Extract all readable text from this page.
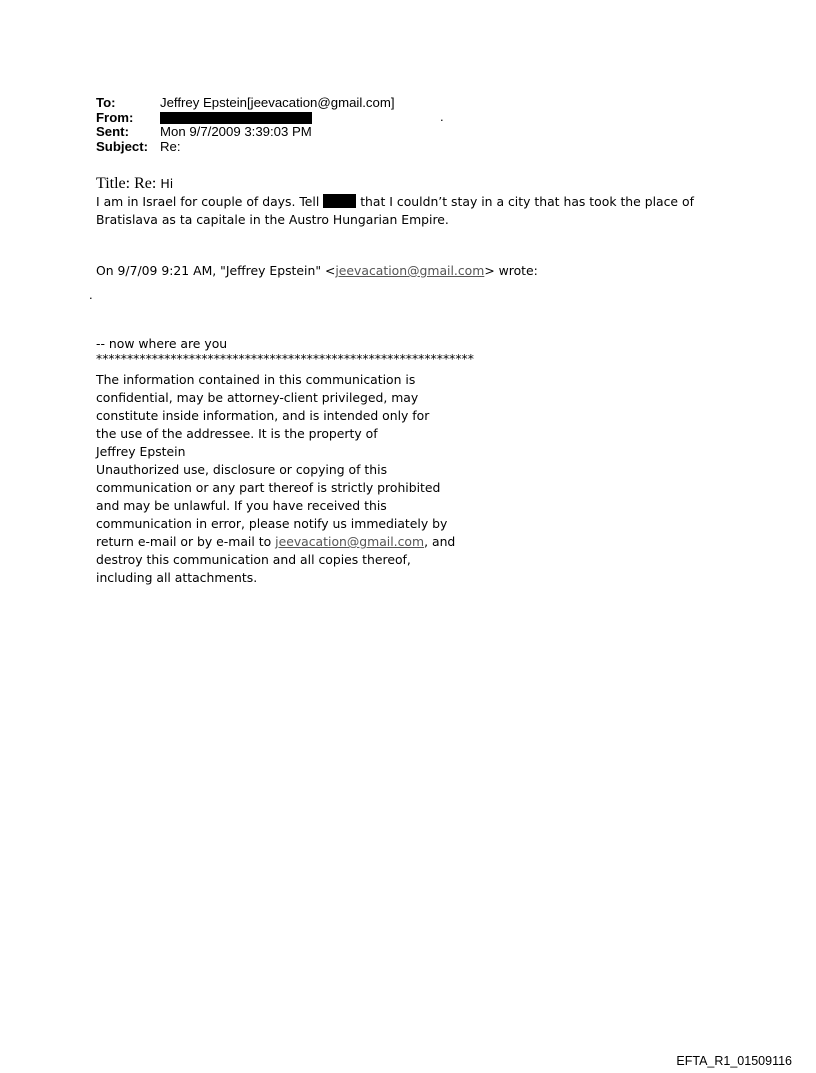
To:	Jeffrey Epstein[jeevacation@gmail.com]
From:
Sent:	Mon 9/7/2009 3:39:03 PM
Subject: Re:
.
Title: Re: Hi
I am in Israel for couple of days. Tell	that I couldn’t stay in a city that has took the place of
Bratislava as ta capitale in the Austro Hungarian Empire.
On 9/7/09 9:21 AM, "Jeffrey Epstein" <jeevacation@gmail.com> wrote:
.
-- now where are you
*************************************************************
The information contained in this communication is
confidential, may be attorney-client privileged, may
constitute inside information, and is intended only for
the use of the addressee. It is the property of
Jeffrey Epstein
Unauthorized use, disclosure or copying of this
communication or any part thereof is strictly prohibited
and may be unlawful. If you have received this
communication in error, please notify us immediately by
return e-mail or by e-mail to jeevacation@gmail.com, and
destroy this communication and all copies thereof,
including all attachments.
EFTA_R1_01509116
